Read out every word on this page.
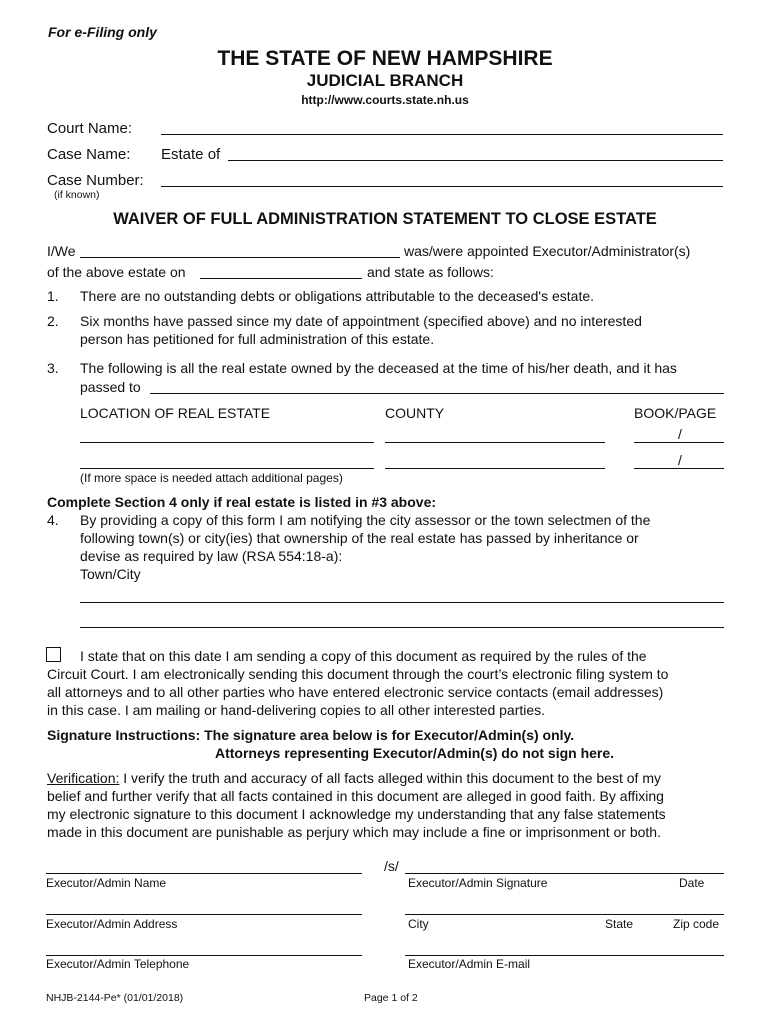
For e-Filing only
THE STATE OF NEW HAMPSHIRE
JUDICIAL BRANCH
http://www.courts.state.nh.us
Court Name:
Case Name: Estate of
Case Number:
(if known)
WAIVER OF FULL ADMINISTRATION STATEMENT TO CLOSE ESTATE
I/We	was/were appointed Executor/Administrator(s)
of the above estate on	and state as follows:
1. There are no outstanding debts or obligations attributable to the deceased's estate.
2. Six months have passed since my date of appointment (specified above) and no interested
person has petitioned for full administration of this estate.
3. The following is all the real estate owned by the deceased at the time of his/her death, and it has
passed to
LOCATION OF REAL ESTATE	COUNTY	BOOK/PAGE
/
/
(If more space is needed attach additional pages)
Complete Section 4 only if real estate is listed in #3 above:
4. By providing a copy of this form I am notifying the city assessor or the town selectmen of the
following town(s) or city(ies) that ownership of the real estate has passed by inheritance or
devise as required by law (RSA 554:18-a):
Town/City
I state that on this date I am sending a copy of this document as required by the rules of the
Circuit Court. I am electronically sending this document through the court’s electronic filing system to
all attorneys and to all other parties who have entered electronic service contacts (email addresses)
in this case. I am mailing or hand-delivering copies to all other interested parties.
Signature Instructions: The signature area below is for Executor/Admin(s) only.
Attorneys representing Executor/Admin(s) do not sign here.
Verification: I verify the truth and accuracy of all facts alleged within this document to the best of my
belief and further verify that all facts contained in this document are alleged in good faith. By affixing
my electronic signature to this document I acknowledge my understanding that any false statements
made in this document are punishable as perjury which may include a fine or imprisonment or both.
/s/
Executor/Admin Name	Executor/Admin Signature	Date
Executor/Admin Address	City	State	Zip code
Executor/Admin Telephone	Executor/Admin E-mail
NHJB-2144-Pe* (01/01/2018)	Page 1 of 2
